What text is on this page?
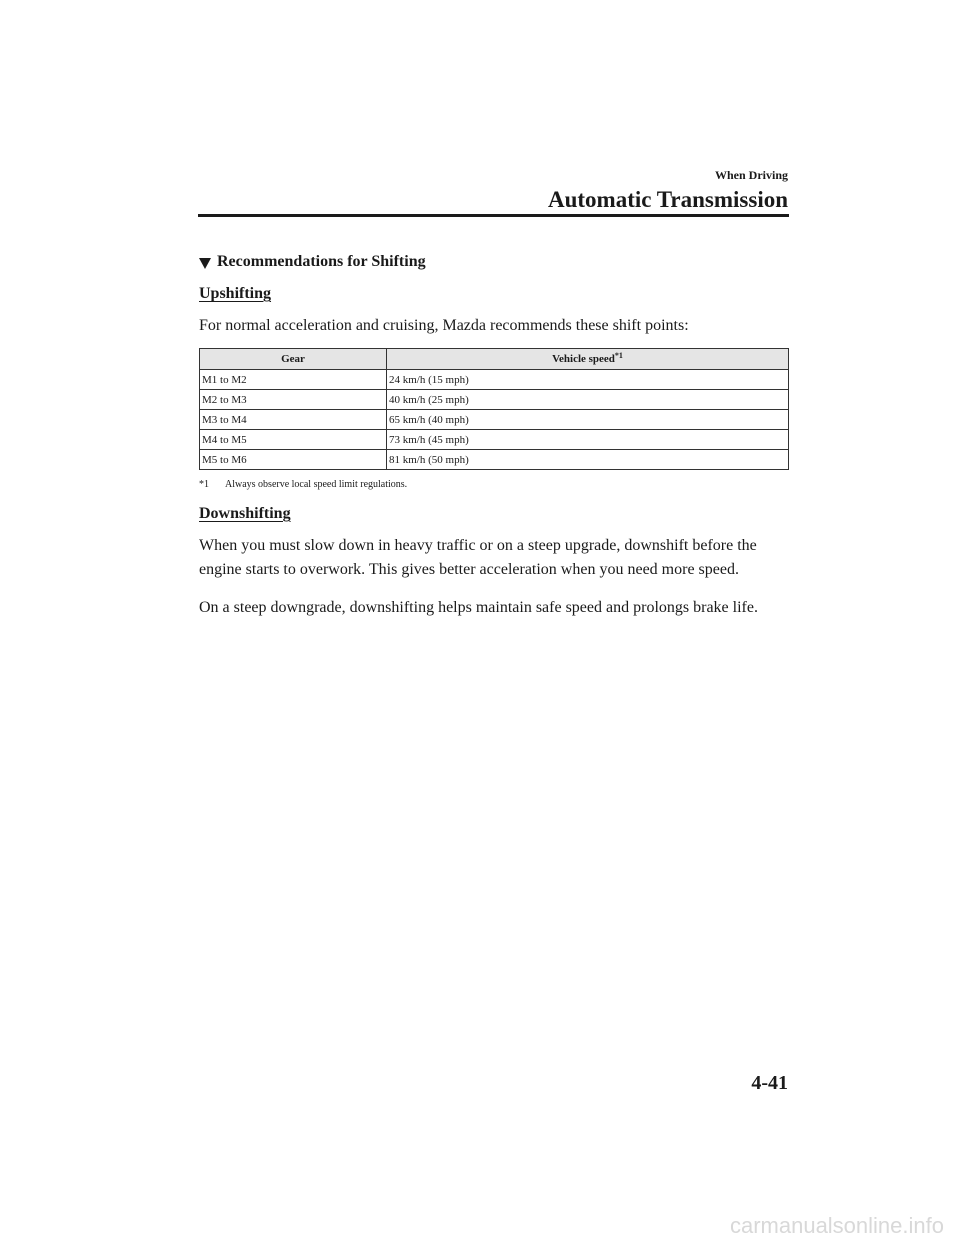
When Driving
Automatic Transmission
Recommendations for Shifting
Upshifting
For normal acceleration and cruising, Mazda recommends these shift points:
Gear	Vehicle speed$^{*1}$
M1 to M2	24 km/h (15 mph)
M2 to M3	40 km/h (25 mph)
M3 to M4	65 km/h (40 mph)
M4 to M5	73 km/h (45 mph)
M5 to M6	81 km/h (50 mph)
*1 Always observe local speed limit regulations.
Downshifting
When you must slow down in heavy traffic or on a steep upgrade, downshift before the engine starts to overwork. This gives better acceleration when you need more speed.
On a steep downgrade, downshifting helps maintain safe speed and prolongs brake life.
4-41
carmanualsonline.info
